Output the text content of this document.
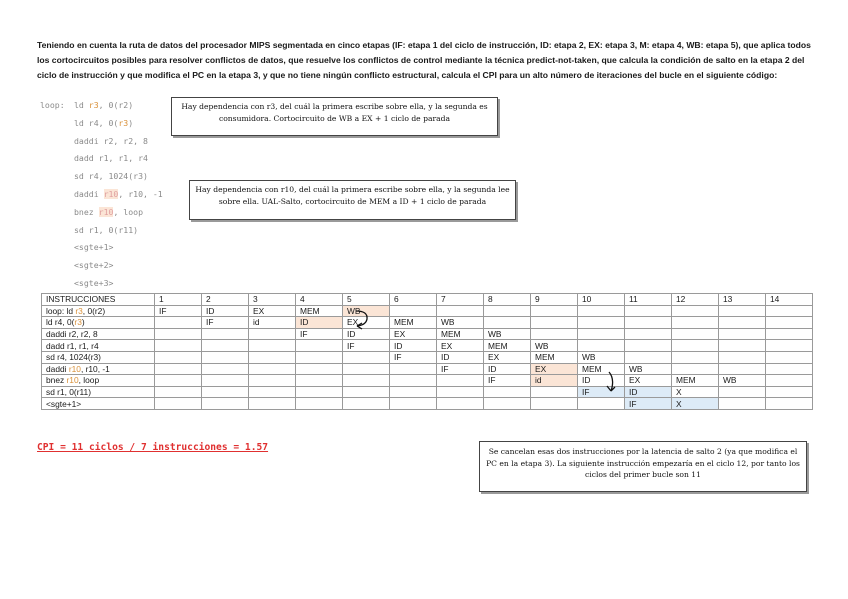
Teniendo en cuenta la ruta de datos del procesador MIPS segmentada en cinco etapas (IF: etapa 1 del ciclo de instrucción, ID: etapa 2, EX: etapa 3, M: etapa 4, WB: etapa 5), que aplica todos los cortocircuitos posibles para resolver conflictos de datos, que resuelve los conflictos de control mediante la técnica predict-not-taken, que calcula la condición de salto en la etapa 2 del ciclo de instrucción y que modifica el PC en la etapa 3, y que no tiene ningún conflicto estructural, calcula el CPI para un alto número de iteraciones del bucle en el siguiente código:
loop: ld r3, 0(r2)
ld r4, 0(r3)
daddi r2, r2, 8
dadd r1, r1, r4
sd r4, 1024(r3)
daddi r10, r10, -1
bnez r10, loop
sd r1, 0(r11)
<sgte+1>
<sgte+2>
<sgte+3>
Hay dependencia con r3, del cuál la primera escribe sobre ella, y la segunda es consumidora. Cortocircuito de WB a EX + 1 ciclo de parada
Hay dependencia con r10, del cuál la primera escribe sobre ella, y la segunda lee sobre ella. UAL-Salto, cortocircuito de MEM a ID + 1 ciclo de parada
Se cancelan esas dos instrucciones por la latencia de salto 2 (ya que modifica el PC en la etapa 3). La siguiente instrucción empezaría en el ciclo 12, por tanto los ciclos del primer bucle son 11
INSTRUCCIONES	1	2	3	4	5	6	7	8	9	10	11	12	13	14
loop: ld r3, 0(r2)	IF	ID	EX	MEM	WB									
ld r4, 0(r3)		IF	id	ID	EX	MEM	WB							
daddi r2, r2, 8				IF	ID	EX	MEM	WB						
dadd r1, r1, r4					IF	ID	EX	MEM	WB					
sd r4, 1024(r3)						IF	ID	EX	MEM	WB				
daddi r10, r10, -1							IF	ID	EX	MEM	WB			
bnez r10, loop								IF	id	ID	EX	MEM	WB	
sd r1, 0(r11)										IF	ID	X		
<sgte+1>											IF	X		
CPI = 11 ciclos / 7 instrucciones = 1.57
